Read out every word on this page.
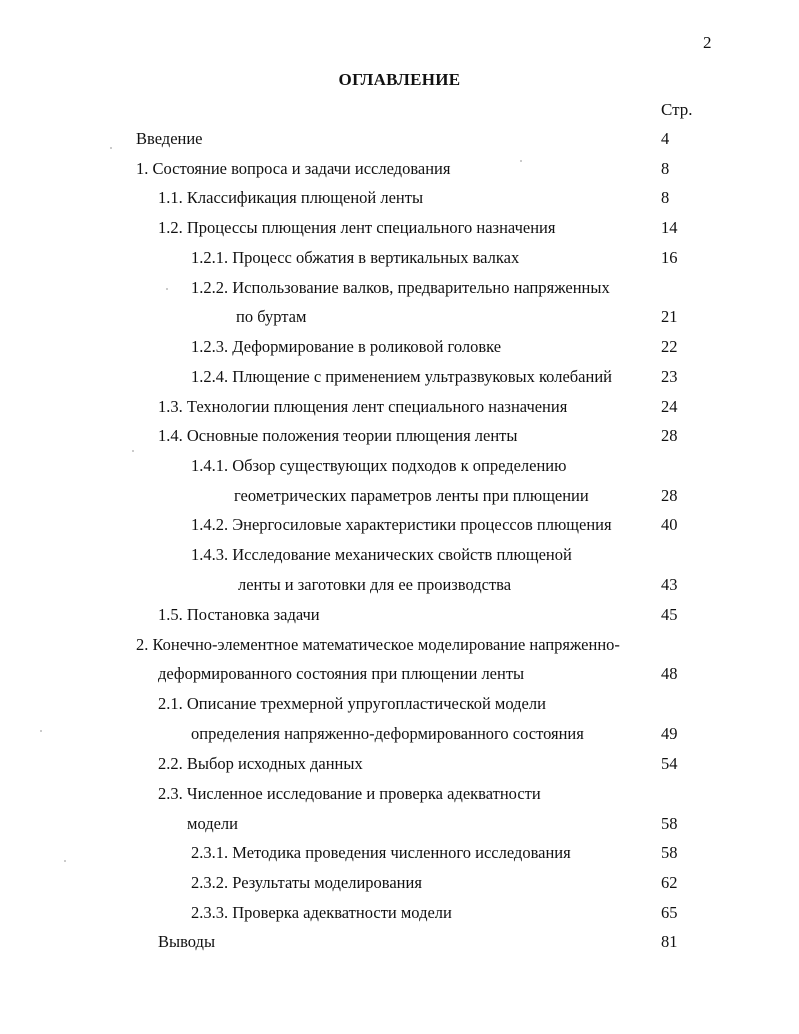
2
ОГЛАВЛЕНИЕ
Стр.
Введение	4
1. Состояние вопроса и задачи исследования	8
1.1. Классификация плющеной ленты	8
1.2. Процессы плющения лент специального назначения	14
1.2.1. Процесс обжатия в вертикальных валках	16
1.2.2. Использование валков, предварительно напряженных
по буртам	21
1.2.3. Деформирование в роликовой головке	22
1.2.4. Плющение с применением ультразвуковых колебаний	23
1.3. Технологии плющения лент специального назначения	24
1.4. Основные положения теории плющения ленты	28
1.4.1. Обзор существующих подходов к определению
геометрических параметров ленты при плющении	28
1.4.2. Энергосиловые характеристики процессов плющения	40
1.4.3. Исследование механических свойств плющеной
ленты и заготовки для ее производства	43
1.5. Постановка задачи	45
2. Конечно-элементное математическое моделирование напряженно-
деформированного состояния при плющении ленты	48
2.1. Описание трехмерной упругопластической модели
определения напряженно-деформированного состояния	49
2.2. Выбор исходных данных	54
2.3. Численное исследование и проверка адекватности
модели	58
2.3.1. Методика проведения численного исследования	58
2.3.2. Результаты моделирования	62
2.3.3. Проверка адекватности модели	65
Выводы	81
